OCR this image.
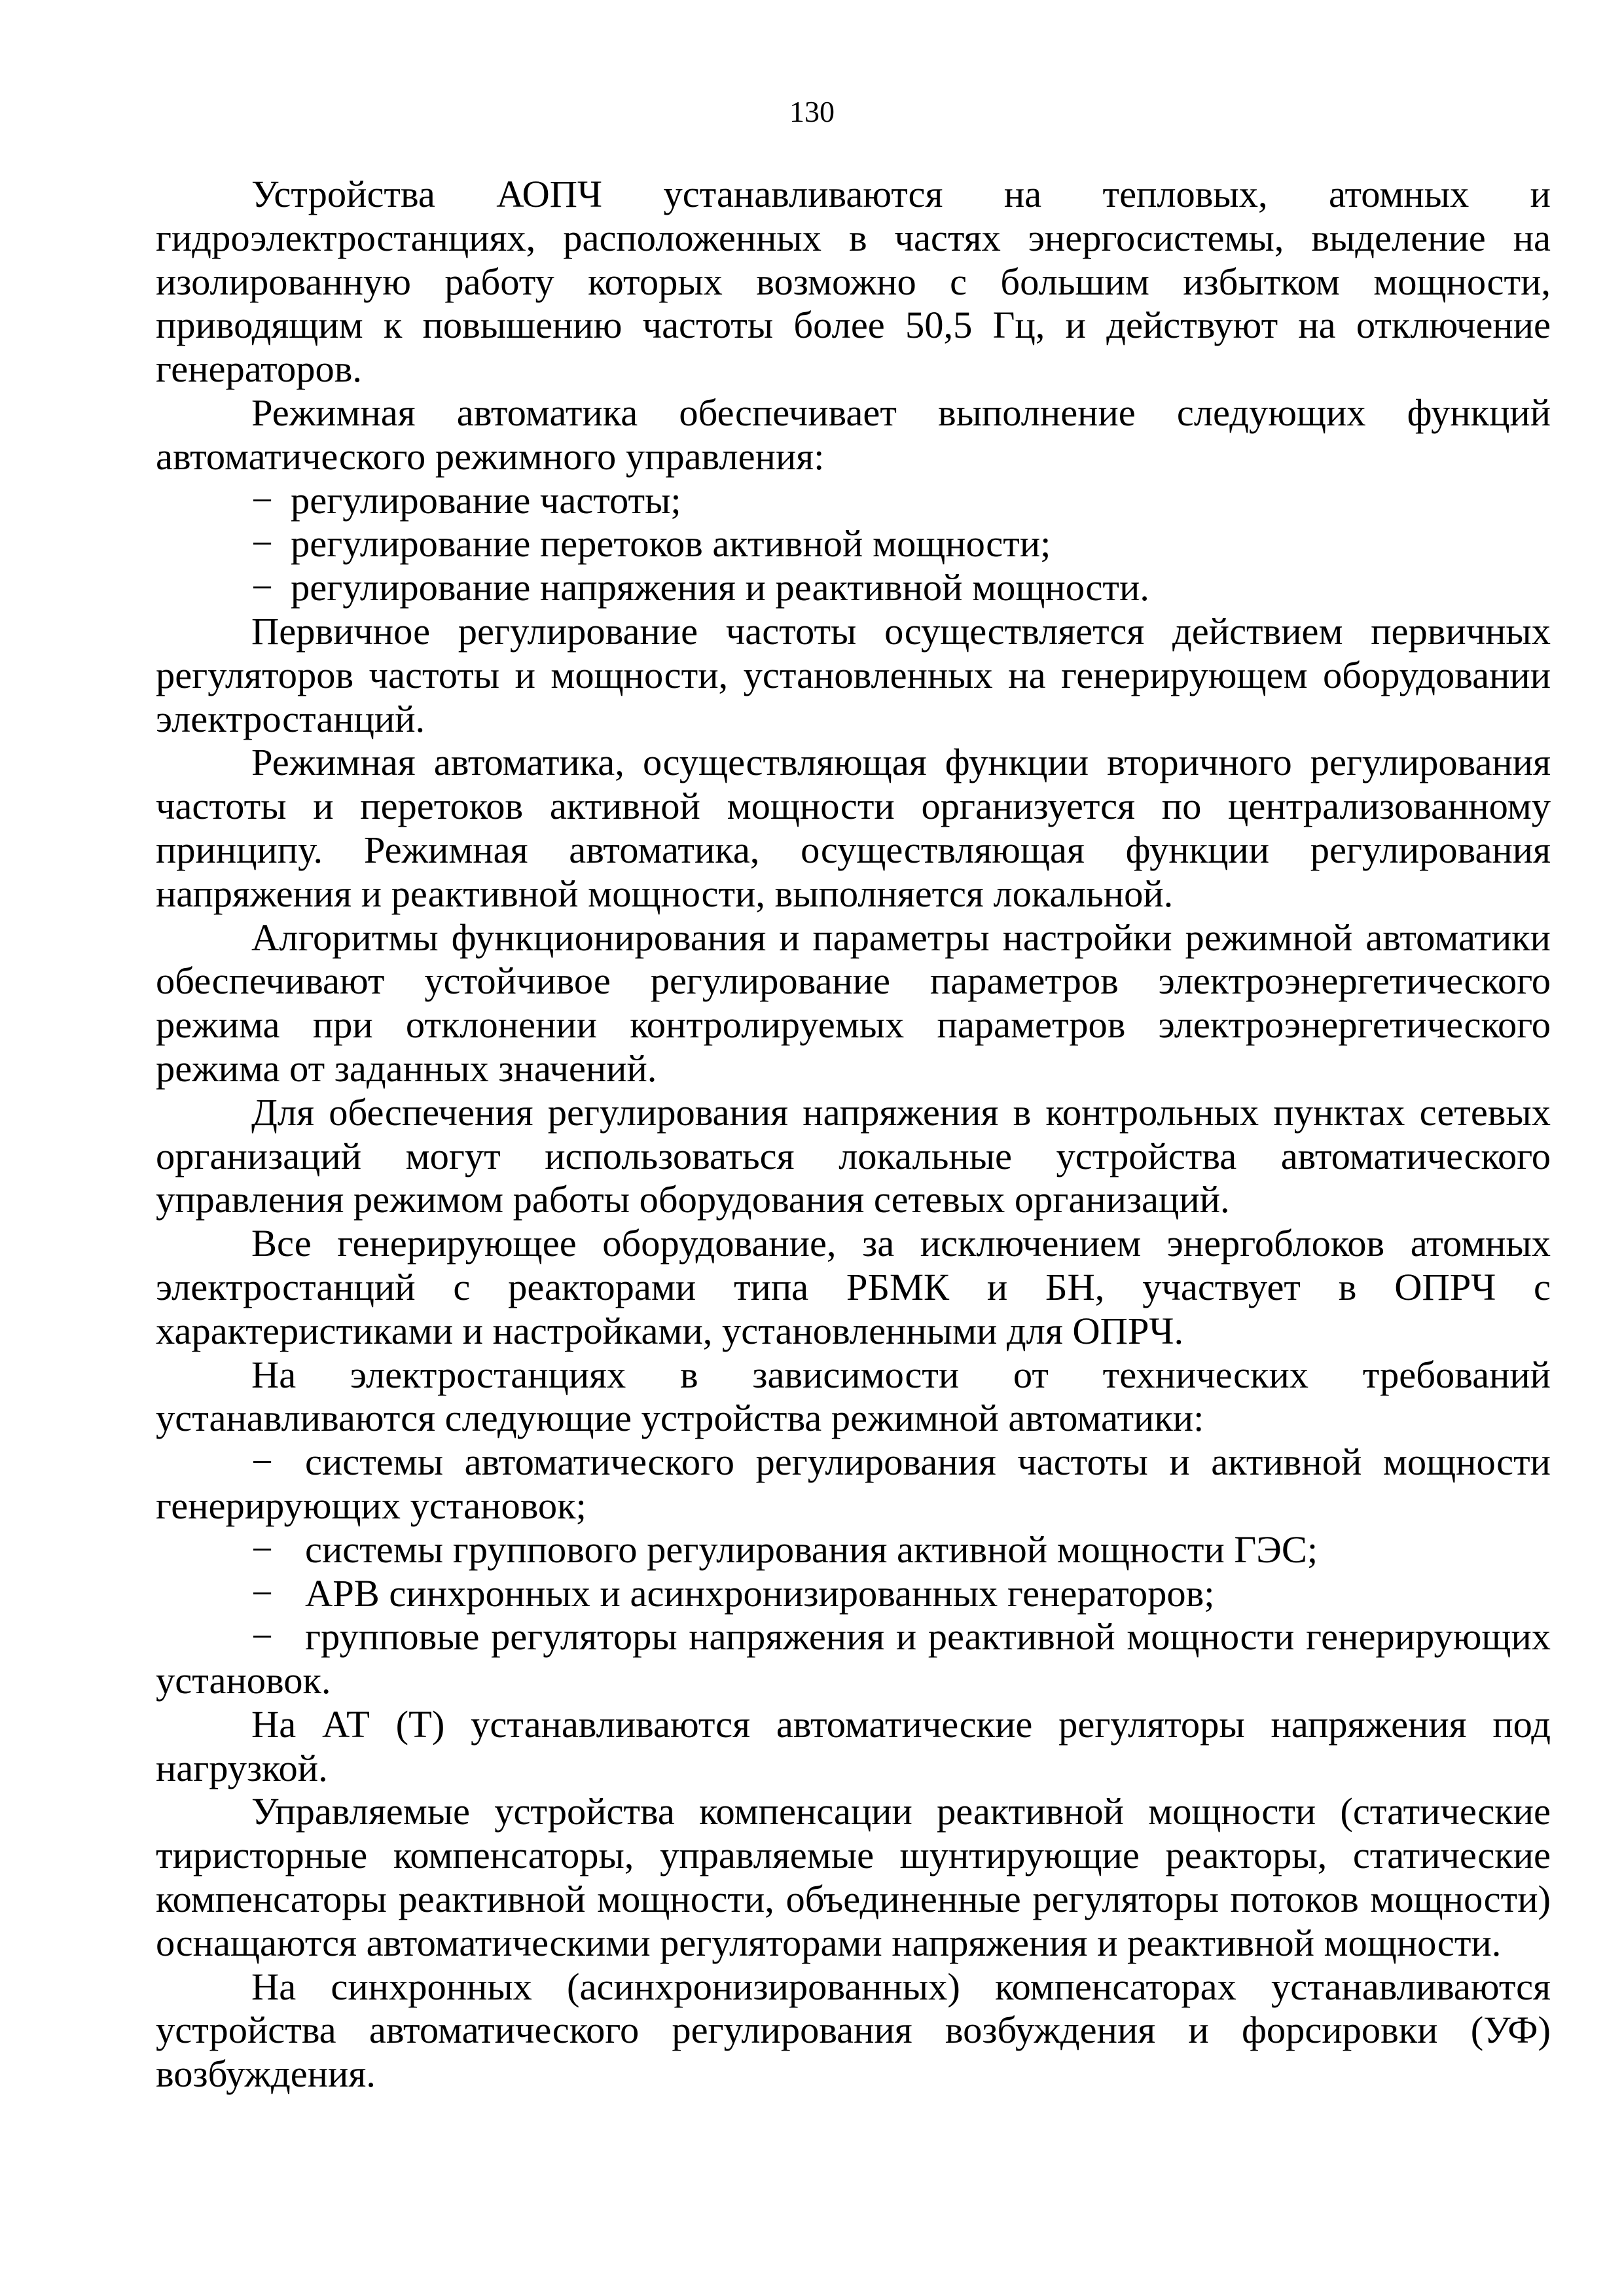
130

Устройства АОПЧ устанавливаются на тепловых, атомных и гидроэлектростанциях, расположенных в частях энергосистемы, выделение на изолированную работу которых возможно с большим избытком мощности, приводящим к повышению частоты более 50,5 Гц, и действуют на отключение генераторов.

Режимная автоматика обеспечивает выполнение следующих функций автоматического режимного управления:

− регулирование частоты;

− регулирование перетоков активной мощности;

− регулирование напряжения и реактивной мощности.

Первичное регулирование частоты осуществляется действием первичных регуляторов частоты и мощности, установленных на генерирующем оборудовании электростанций.

Режимная автоматика, осуществляющая функции вторичного регулирования частоты и перетоков активной мощности организуется по централизованному принципу. Режимная автоматика, осуществляющая функции регулирования напряжения и реактивной мощности, выполняется локальной.

Алгоритмы функционирования и параметры настройки режимной автоматики обеспечивают устойчивое регулирование параметров электроэнергетического режима при отклонении контролируемых параметров электроэнергетического режима от заданных значений.

Для обеспечения регулирования напряжения в контрольных пунктах сетевых организаций могут использоваться локальные устройства автоматического управления режимом работы оборудования сетевых организаций.

Все генерирующее оборудование, за исключением энергоблоков атомных электростанций с реакторами типа РБМК и БН, участвует в ОПРЧ с характеристиками и настройками, установленными для ОПРЧ.

На электростанциях в зависимости от технических требований устанавливаются следующие устройства режимной автоматики:

− системы автоматического регулирования частоты и активной мощности генерирующих установок;

− системы группового регулирования активной мощности ГЭС;

− АРВ синхронных и асинхронизированных генераторов;

− групповые регуляторы напряжения и реактивной мощности генерирующих установок.

На АТ (Т) устанавливаются автоматические регуляторы напряжения под нагрузкой.

Управляемые устройства компенсации реактивной мощности (статические тиристорные компенсаторы, управляемые шунтирующие реакторы, статические компенсаторы реактивной мощности, объединенные регуляторы потоков мощности) оснащаются автоматическими регуляторами напряжения и реактивной мощности.

На синхронных (асинхронизированных) компенсаторах устанавливаются устройства автоматического регулирования возбуждения и форсировки (УФ) возбуждения.
